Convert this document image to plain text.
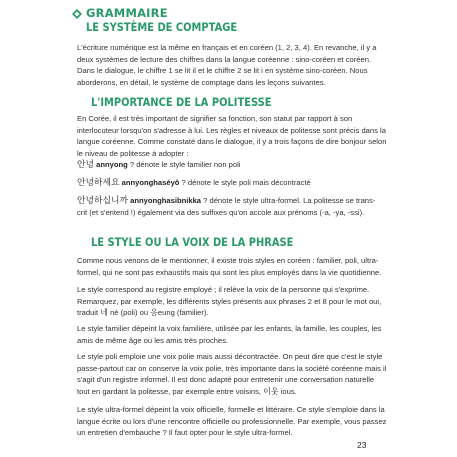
GRAMMAIRE
LE SYSTÈME DE COMPTAGE

L'écriture numérique est la même en français et en coréen (1, 2, 3, 4). En revanche, il y a deux systèmes de lecture des chiffres dans la langue coréenne : sino-coréen et coréen. Dans le dialogue, le chiffre 1 se lit il et le chiffre 2 se lit i en système sino-coréen. Nous aborderons, en détail, le système de comptage dans les leçons suivantes.

L'IMPORTANCE DE LA POLITESSE

En Corée, il est très important de signifier sa fonction, son statut par rapport à son interlocuteur lorsqu'on s'adresse à lui. Les règles et niveaux de politesse sont précis dans la langue coréenne. Comme constaté dans le dialogue, il y a trois façons de dire bonjour selon le niveau de politesse à adopter :

안녕 annyong ? dénote le style familier non poli

안녕하세요 annyonghaséyô ? dénote le style poli mais décontracté

안녕하십니까 annyonghasibnikka ? dénote le style ultra-formel. La politesse se trans-

crit (et s'entend !) également via des suffixes qu'on accole aux prénoms (-a, -ya, -ssi).

LE STYLE OU LA VOIX DE LA PHRASE

Comme nous venons de le mentionner, il existe trois styles en coréen : familier, poli, ultra-formel, qui ne sont pas exhaustifs mais qui sont les plus employés dans la vie quotidienne.

Le style correspond au registre employé ; il relève la voix de la personne qui s'exprime. Remarquez, par exemple, les différents styles présents aux phrases 2 et 8 pour le mot oui, traduit 네 né (poli) ou 응eung (familier).

Le style familier dépeint la voix familière, utilisée par les enfants, la famille, les couples, les amis de même âge ou les amis très proches.

Le style poli emploie une voix polie mais aussi décontractée. On peut dire que c'est le style passe-partout car on conserve la voix polie, très importante dans la société coréenne mais il s'agit d'un registre informel. Il est donc adapté pour entretenir une conversation naturelle tout en gardant la politesse, par exemple entre voisins, 이웃 ious.

Le style ultra-formel dépeint la voix officielle, formelle et littéraire. Ce style s'emploie dans la langue écrite ou lors d'une rencontre officielle ou professionnelle. Par exemple, vous passez un entretien d'embauche ? Il faut opter pour le style ultra-formel.

23
